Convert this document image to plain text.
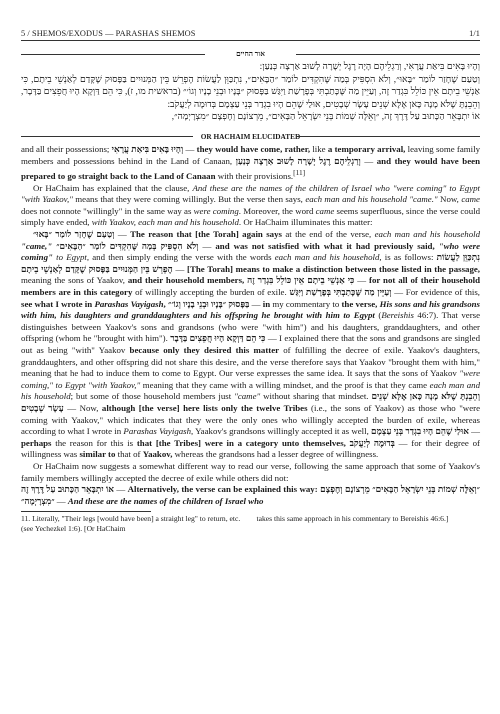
5 / SHEMOS/EXODUS — PARASHAS SHEMOS	1/1
אור החיים

וְהָיוּ בָּאִים בִּיאַת עֲרָאִי, וְרַגְלֵיהֶם הָיָה רֶגֶל יְשָׁרָה לָשׁוּב אַרְצָה כְּנַעַן:

וְטַעַם שֶׁחָזַר לוֹמַר ״בָּאוּ״, וְלֹא הִסְפִּיק בְּמַה שֶּׁהִקְדִּים לוֹמַר ״הַבָּאִים״, נִתְכַּוֵּן לַעֲשׂוֹת הֶפְרֵשׁ בֵּין הַמְּנוּיִים בַּפָּסוּק שֶׁקָּדַם לְאַנְשֵׁי בֵיתָם, כִּי אַנְשֵׁי בֵיתָם אֵין כּוֹלֵל בִּגְדַר זֶה, וְעַיֵּין מַה שֶּׁכָּתַבְתִּי בְּפָרָשַׁת וַיִּגַּשׁ בַּפָּסוּק ״בָּנָיו וּבְנֵי בָנָיו וְגוֹ׳״ (בראשית מו, ז), כִּי הֵם דַּוְקָא הָיוּ חֲפֵצִים בַּדָּבָר, וְהֵבֵנְתָּ שֶׁלֹּא מָנָה כָּאן אֶלָּא שְׁנֵים עָשָׂר שְׁבָטִים, אוּלַי שֶׁהֵם הָיוּ בִגְדַר בְּנֵי עַצְמָם בְּדוּמֶה לְיַעֲקֹב:

אוֹ יִתְבָּאֵר הַכָּתוּב עַל דֶּרֶךְ זֶה, ״וְאֵלֶּה שְׁמוֹת בְּנֵי יִשְׂרָאֵל הַבָּאִים״, מֵרְצוֹנָם וְחֶפְצָם ״מִצְרָיְמָה״,

OR HACHAIM ELUCIDATED

and all their possessions; וְהָיוּ בָּאִים בִּיאַת עֲרָאִי — they would have come, rather, like a temporary arrival, leaving some family members and possessions behind in the Land of Canaan,	וְרַגְלֵיהֶם רֶגֶל יְשָׁרָה לָשׁוּב אַרְצָה כְּנַעַן	— and they would have been prepared to go straight back to the Land of Canaan with their provisions.[11]

Or HaChaim has explained that the clause, And these are the names of the children of Israel who "were coming" to Egypt "with Yaakov," means that they were coming willingly. But the verse then says, each man and his household "came." Now, came does not connote "willingly" in the same way as were coming. Moreover, the word came seems superfluous, since the verse could simply have ended, with Yaakov, each man and his household. Or HaChaim illuminates this matter:

וְטַעַם שֶׁחָזַר לוֹמַר ״בָּאוּ״ — The reason that [the Torah] again says at the end of the verse, each man and his household "came," וְלֹא הִסְפִּיק בְּמַה שֶּׁהִקְדִּים לוֹמַר ״הַבָּאִים״ — and was not satisfied with what it had previously said, "who were coming" to Egypt, and then simply ending the verse with the words each man and his household, is as follows: נִתְכַּוֵּן לַעֲשׂוֹת הֶפְרֵשׁ בֵּין הַמְּנוּיִים בַּפָּסוּק שֶׁקָּדַם לְאַנְשֵׁי בֵיתָם	— [The Torah] means to make a distinction between those listed in the passage, meaning the sons of Yaakov, and their household members, כִּי אַנְשֵׁי בֵיתָם אֵין כּוֹלֵל בִּגְדַר זֶה — for not all of their household members are in this category of willingly accepting the burden of exile. וְעַיֵּין מַה שֶּׁכָּתַבְתִּי בְּפָרָשַׁת וַיִּגַּשׁ — For evidence of this, see what I wrote in Parashas Vayigash, בַּפָּסוּק ״בָּנָיו וּבְנֵי בָנָיו וְגוֹ׳״ — in my commentary to the verse, His sons and his grandsons with him, his daughters and granddaughters and his offspring he brought with him to Egypt (Bereishis 46:7). That verse distinguishes between Yaakov's sons and grandsons (who were "with him") and his daughters, granddaughters, and other offspring (whom he "brought with him"). כִּי הֵם דַּוְקָא הָיוּ חֲפֵצִים בַּדָּבָר — I explained there that the sons and grandsons are singled out as being "with" Yaakov because only they desired this matter of fulfilling the decree of exile. Yaakov's daughters, granddaughters, and other offspring did not share this desire, and the verse therefore says that Yaakov "brought them with him," meaning that he had to induce them to come to Egypt. Our verse expresses the same idea. It says that the sons of Yaakov "were coming," to Egypt "with Yaakov," meaning that they came with a willing mindset, and the proof is that they came each man and his household; but some of those household members just "came" without sharing that mindset. וְהֵבֵנְתָּ שֶׁלֹּא מָנָה כָּאן אֶלָּא שְׁנֵים עָשָׂר שְׁבָטִים — Now, although [the verse] here lists only the twelve Tribes (i.e., the sons of Yaakov) as those who "were coming with Yaakov," which indicates that they were the only ones who willingly accepted the burden of exile, whereas according to what I wrote in Parashas Vayigash, Yaakov's grandsons willingly accepted it as well, אוּלַי שֶׁהֵם הָיוּ בִגְדַר בְּנֵי עַצְמָם — perhaps the reason for this is that [the Tribes] were in a category unto themselves, בְּדוּמֶה לְיַעֲקֹב — for their degree of willingness was similar to that of Yaakov, whereas the grandsons had a lesser degree of willingness.

Or HaChaim now suggests a somewhat different way to read our verse, following the same approach that some of Yaakov's family members willingly accepted the decree of exile while others did not:

אוֹ יִתְבָּאֵר הַכָּתוּב עַל דֶּרֶךְ זֶה — Alternatively, the verse can be explained this way:	״וְאֵלֶּה שְׁמוֹת בְּנֵי יִשְׂרָאֵל הַבָּאִים״ מֵרְצוֹנָם וְחֶפְצָם ״מִצְרָיְמָה״ — And these are the names of the children of Israel who

11. Literally, "Their legs [would have been] a straight leg" to return, etc. (see Yechezkel 1:6). [Or HaChaim
takes this same approach in his commentary to Bereishis 46:6.]
